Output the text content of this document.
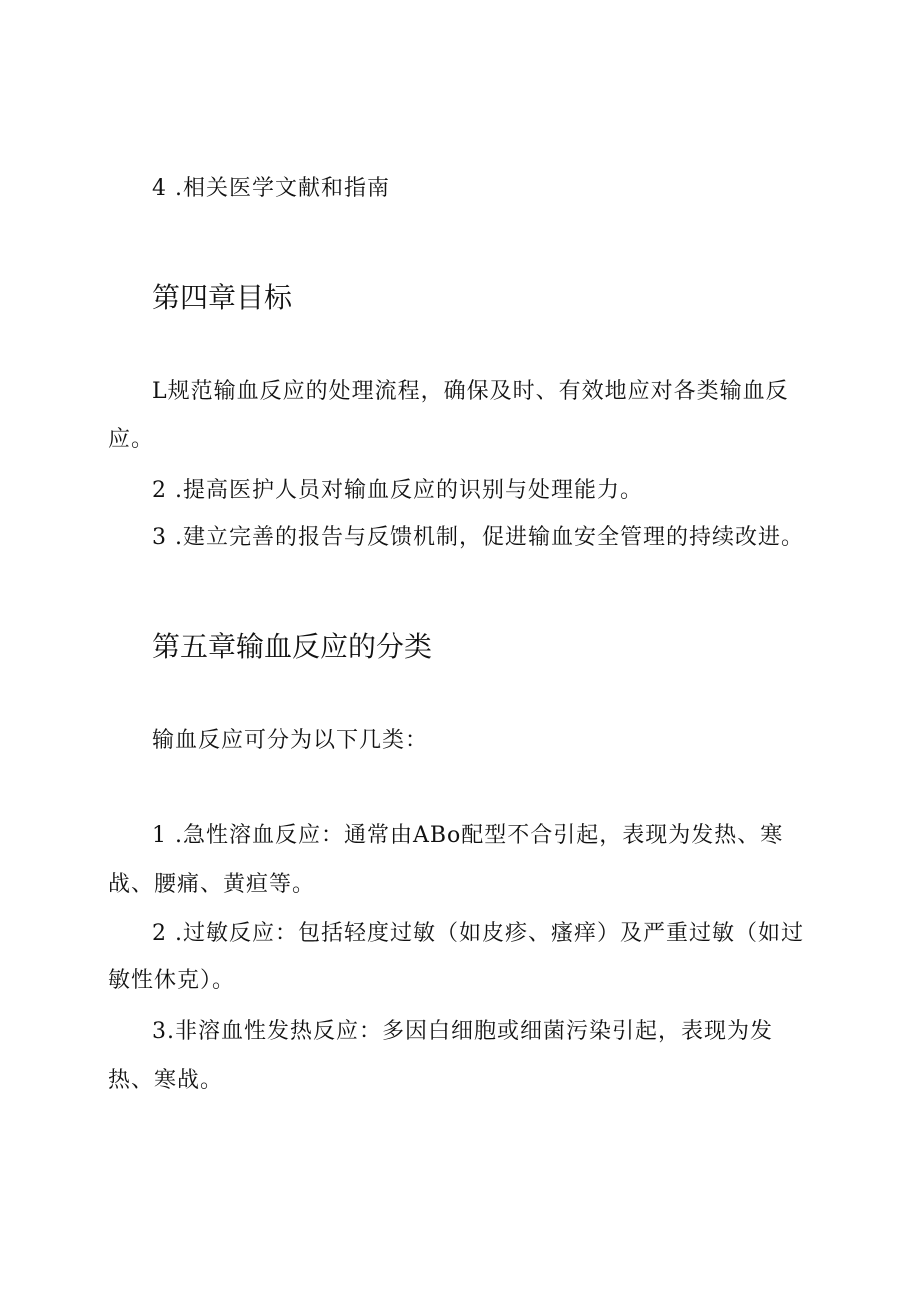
4 .相关医学文献和指南
第四章目标
L规范输血反应的处理流程，确保及时、有效地应对各类输血反
应。
2 .提高医护人员对输血反应的识别与处理能力。
3 .建立完善的报告与反馈机制，促进输血安全管理的持续改进。
第五章输血反应的分类
输血反应可分为以下几类：
1 .急性溶血反应：通常由ABo配型不合引起，表现为发热、寒
战、腰痛、黄疸等。
2 .过敏反应：包括轻度过敏（如皮疹、瘙痒）及严重过敏（如过
敏性休克）。
3.非溶血性发热反应：多因白细胞或细菌污染引起，表现为发
热、寒战。
